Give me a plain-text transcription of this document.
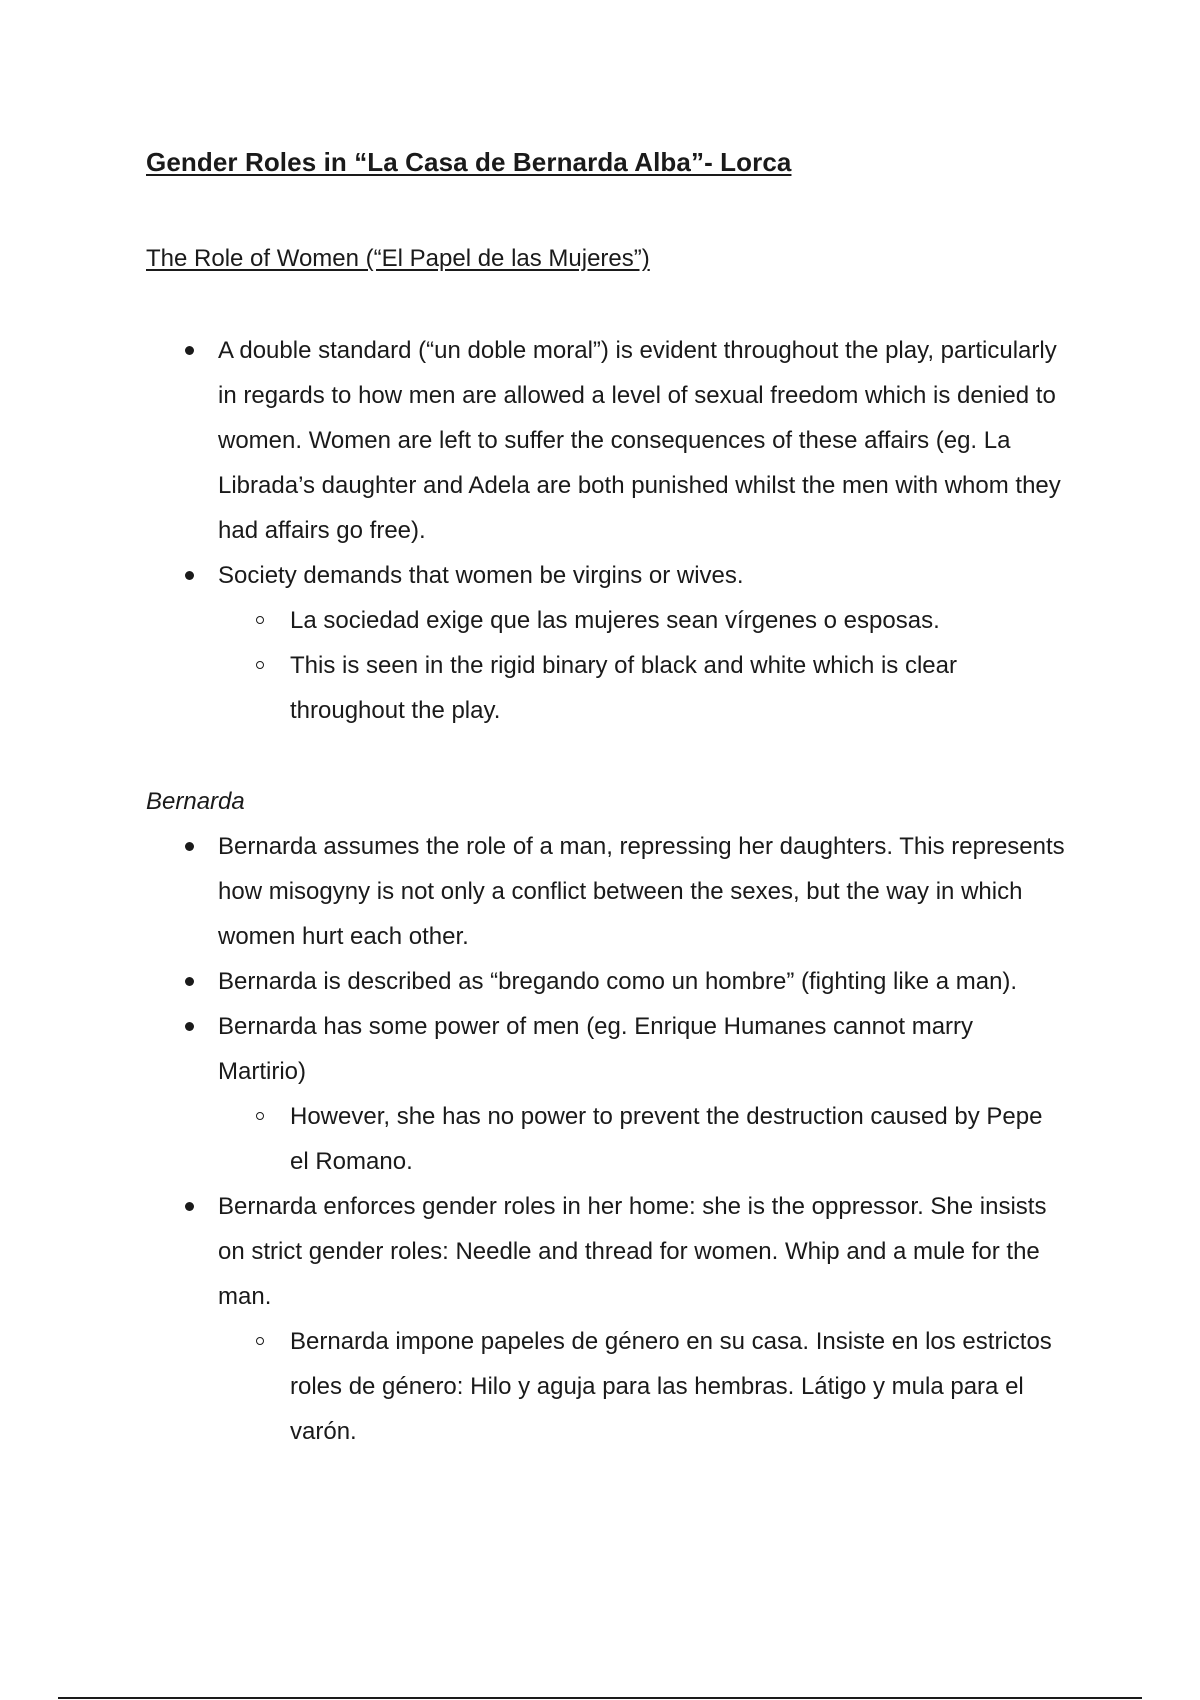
Gender Roles in “La Casa de Bernarda Alba”- Lorca
The Role of Women (“El Papel de las Mujeres”)
A double standard (“un doble moral”) is evident throughout the play, particularly in regards to how men are allowed a level of sexual freedom which is denied to women. Women are left to suffer the consequences of these affairs (eg. La Librada’s daughter and Adela are both punished whilst the men with whom they had affairs go free).
Society demands that women be virgins or wives.
La sociedad exige que las mujeres sean vírgenes o esposas.
This is seen in the rigid binary of black and white which is clear throughout the play.
Bernarda
Bernarda assumes the role of a man, repressing her daughters. This represents how misogyny is not only a conflict between the sexes, but the way in which women hurt each other.
Bernarda is described as “bregando como un hombre” (fighting like a man).
Bernarda has some power of men (eg. Enrique Humanes cannot marry Martirio)
However, she has no power to prevent the destruction caused by Pepe el Romano.
Bernarda enforces gender roles in her home: she is the oppressor. She insists on strict gender roles: Needle and thread for women. Whip and a mule for the man.
Bernarda impone papeles de género en su casa. Insiste en los estrictos roles de género: Hilo y aguja para las hembras. Látigo y mula para el varón.
